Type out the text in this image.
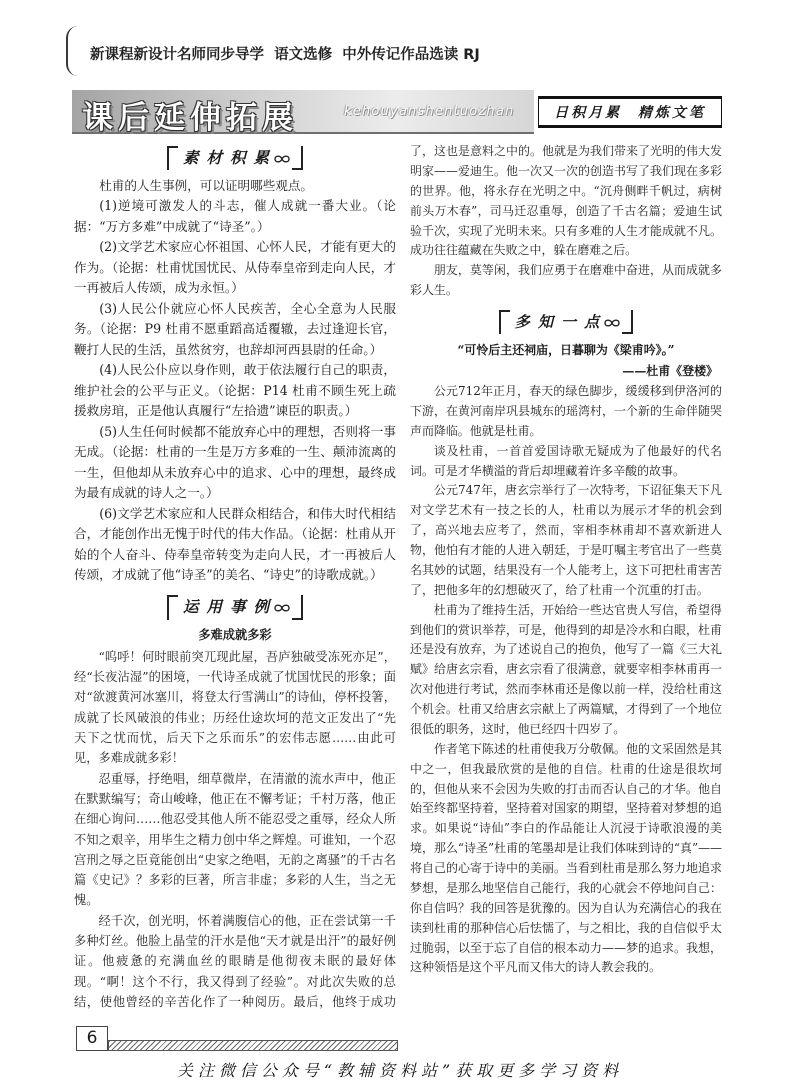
新课程新设计名师同步导学  语文选修  中外传记作品选读 RJ
课后延伸拓展	kehouyanshentuozhan	日积月累  精炼文笔
素材积累

杜甫的人生事例，可以证明哪些观点。

(1)逆境可激发人的斗志，催人成就一番大业。（论据：“万方多难”中成就了“诗圣”。）

(2)文学艺术家应心怀祖国、心怀人民，才能有更大的作为。（论据：杜甫忧国忧民、从侍奉皇帝到走向人民，才一再被后人传颂，成为永恒。）

(3)人民公仆就应心怀人民疾苦，全心全意为人民服务。（论据：P9 杜甫不愿重蹈高适覆辙，去过逢迎长官，鞭打人民的生活，虽然贫穷，也辞却河西县尉的任命。）

(4)人民公仆应以身作则，敢于依法履行自己的职责，维护社会的公平与正义。（论据：P14 杜甫不顾生死上疏援救房琯，正是他认真履行“左拾遗”谏臣的职责。）

(5)人生任何时候都不能放弃心中的理想，否则将一事无成。（论据：杜甫的一生是万方多难的一生、颠沛流离的一生，但他却从未放弃心中的追求、心中的理想，最终成为最有成就的诗人之一。）

(6)文学艺术家应和人民群众相结合，和伟大时代相结合，才能创作出无愧于时代的伟大作品。（论据：杜甫从开始的个人奋斗、侍奉皇帝转变为走向人民，才一再被后人传颂，才成就了他“诗圣”的美名、“诗史”的诗歌成就。）

运用事例
多难成就多彩

“呜呼！何时眼前突兀现此屋，吾庐独破受冻死亦足”，经“长夜沾湿”的困境，一代诗圣成就了忧国忧民的形象；面对“欲渡黄河冰塞川，将登太行雪满山”的诗仙，停杯投箸，成就了长风破浪的伟业；历经仕途坎坷的范文正发出了“先天下之忧而忧，后天下之乐而乐”的宏伟志愿……由此可见，多难成就多彩！

忍重辱，抒绝唱，细草微岸，在清澈的流水声中，他正在默默编写；奇山峻峰，他正在不懈考证；千村万落，他正在细心询问……他忍受其他人所不能忍受之重辱，经众人所不知之艰辛，用毕生之精力创中华之辉煌。可谁知，一个忍宫刑之辱之臣竟能创出“史家之绝唱，无韵之离骚”的千古名篇《史记》？多彩的巨著，所言非虚；多彩的人生，当之无愧。

经千次，创光明，怀着满腹信心的他，正在尝试第一千多种灯丝。他脸上晶莹的汗水是他“天才就是出汗”的最好例证。他疲惫的充满血丝的眼睛是他彻夜未眠的最好体现。“啊！这个不行，我又得到了经验”。对此次失败的总结，使他曾经的辛苦化作了一种阅历。最后，他终于成功

了，这也是意料之中的。他就是为我们带来了光明的伟大发明家——爱迪生。他一次又一次的创造书写了我们现在多彩的世界。他，将永存在光明之中。“沉舟侧畔千帆过，病树前头万木春”，司马迁忍重辱，创造了千古名篇；爱迪生试验千次，实现了光明未来。只有多难的人生才能成就不凡。成功往往蕴藏在失败之中，躲在磨难之后。

朋友，莫等闲，我们应勇于在磨难中奋进，从而成就多彩人生。

多知一点
“可怜后主还祠庙，日暮聊为《梁甫吟》。”
——杜甫《登楼》

公元712年正月，春天的绿色脚步，缓缓移到伊洛河的下游，在黄河南岸巩县城东的瑶湾村，一个新的生命伴随哭声而降临。他就是杜甫。

谈及杜甫，一首首爱国诗歌无疑成为了他最好的代名词。可是才华横溢的背后却埋藏着许多辛酸的故事。

公元747年，唐玄宗举行了一次特考，下诏征集天下凡对文学艺术有一技之长的人，杜甫以为展示才华的机会到了，高兴地去应考了，然而，宰相李林甫却不喜欢新进人物，他怕有才能的人进入朝廷，于是叮嘱主考官出了一些莫名其妙的试题，结果没有一个人能考上，这下可把杜甫害苦了，把他多年的幻想破灭了，给了杜甫一个沉重的打击。

杜甫为了维持生活，开始给一些达官贵人写信，希望得到他们的赏识举荐，可是，他得到的却是冷水和白眼，杜甫还是没有放弃，为了述说自己的抱负，他写了一篇《三大礼赋》给唐玄宗看，唐玄宗看了很满意，就要宰相李林甫再一次对他进行考试，然而李林甫还是像以前一样，没给杜甫这个机会。杜甫又给唐玄宗献上了两篇赋，才得到了一个地位很低的职务，这时，他已经四十四岁了。

作者笔下陈述的杜甫使我万分敬佩。他的文采固然是其中之一，但我最欣赏的是他的自信。杜甫的仕途是很坎坷的，但他从来不会因为失败的打击而否认自己的才华。他自始至终都坚持着，坚持着对国家的期望，坚持着对梦想的追求。如果说“诗仙”李白的作品能让人沉浸于诗歌浪漫的美境，那么“诗圣”杜甫的笔墨却是让我们体味到诗的“真”——将自己的心寄于诗中的美丽。当看到杜甫是那么努力地追求梦想，是那么地坚信自己能行，我的心就会不停地问自己：你自信吗？我的回答是犹豫的。因为自认为充满信心的我在读到杜甫的那种信心后怯懦了，与之相比，我的自信似乎太过脆弱，以至于忘了自信的根本动力——梦的追求。我想，这种领悟是这个平凡而又伟大的诗人教会我的。

6
关注微信公众号“教辅资料站”获取更多学习资料
